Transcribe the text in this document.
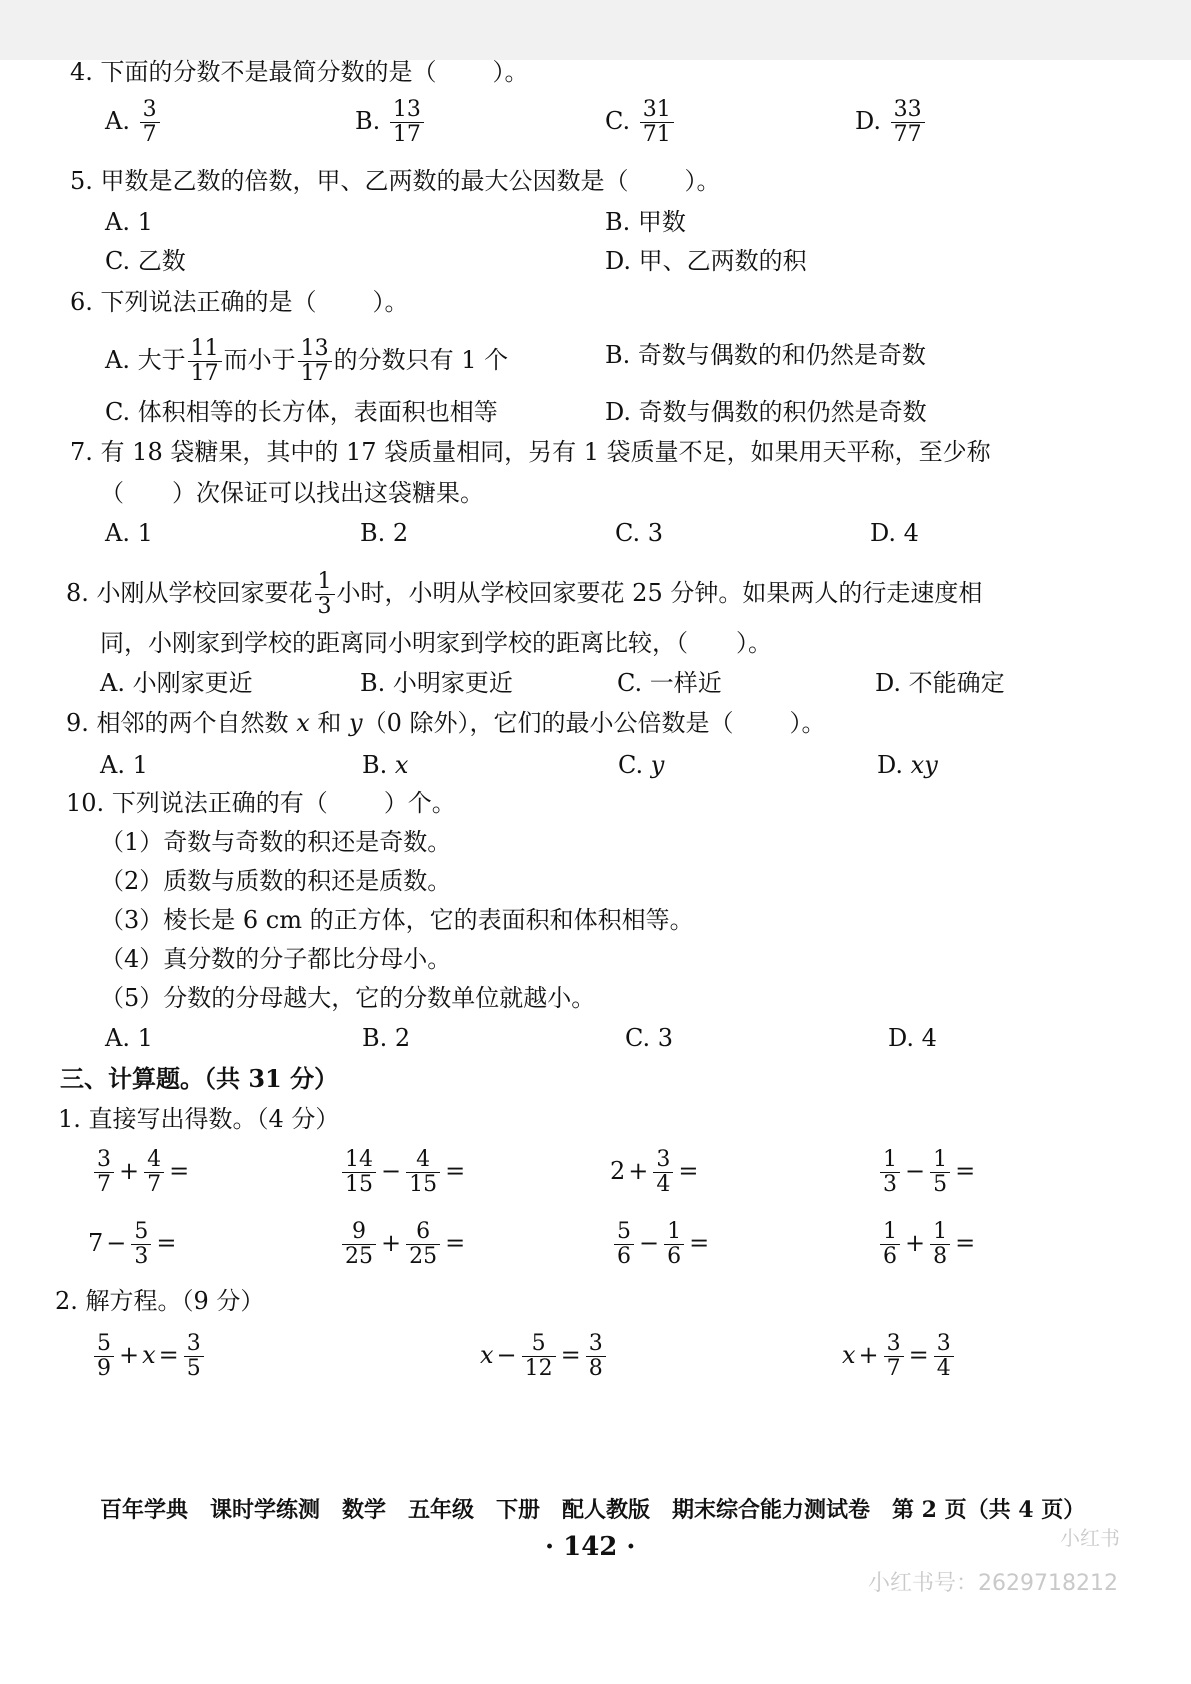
4. 下面的分数不是最简分数的是（ ）。
A. $\frac{3}{7}$	B. $\frac{13}{17}$	C. $\frac{31}{71}$	D. $\frac{33}{77}$
5. 甲数是乙数的倍数，甲、乙两数的最大公因数是（ ）。
A. 1	B. 甲数
C. 乙数	D. 甲、乙两数的积
6. 下列说法正确的是（ ）。
A. 大于 $\frac{11}{17}$ 而小于 $\frac{13}{17}$ 的分数只有 1 个	B. 奇数与偶数的和仍然是奇数
C. 体积相等的长方体，表面积也相等	D. 奇数与偶数的积仍然是奇数
7. 有 18 袋糖果，其中的 17 袋质量相同，另有 1 袋质量不足，如果用天平称，至少称
（　　）次保证可以找出这袋糖果。
A. 1	B. 2	C. 3	D. 4
8. 小刚从学校回家要花 $\frac{1}{3}$ 小时，小明从学校回家要花 25 分钟。如果两人的行走速度相
同，小刚家到学校的距离同小明家到学校的距离比较，（　　）。
A. 小刚家更近	B. 小明家更近	C. 一样近	D. 不能确定
9. 相邻的两个自然数 x 和 y（0 除外），它们的最小公倍数是（ ）。
A. 1	B. x	C. y	D. xy
10. 下列说法正确的有（ ）个。
（1）奇数与奇数的积还是奇数。
（2）质数与质数的积还是质数。
（3）棱长是 6 cm 的正方体，它的表面积和体积相等。
（4）真分数的分子都比分母小。
（5）分数的分母越大，它的分数单位就越小。
A. 1	B. 2	C. 3	D. 4
三、计算题。（共 31 分）
1. 直接写出得数。（4 分）
$\frac{3}{7} + \frac{4}{7}$ =	$\frac{14}{15} - \frac{4}{15}$ =	$2 + \frac{3}{4}$ =	$\frac{1}{3} - \frac{1}{5}$ =
$7 - \frac{5}{3}$ =	$\frac{9}{25} + \frac{6}{25}$ =	$\frac{5}{6} - \frac{1}{6}$ =	$\frac{1}{6} + \frac{1}{8}$ =
2. 解方程。（9 分）
$\frac{5}{9} + x = \frac{3}{5}$	$x - \frac{5}{12} = \frac{3}{8}$	$x + \frac{3}{7} = \frac{3}{4}$
百年学典　课时学练测　数学　五年级　下册　配人教版　期末综合能力测试卷　第 2 页（共 4 页）
· 142 ·	小红书
小红书号：2629718212
